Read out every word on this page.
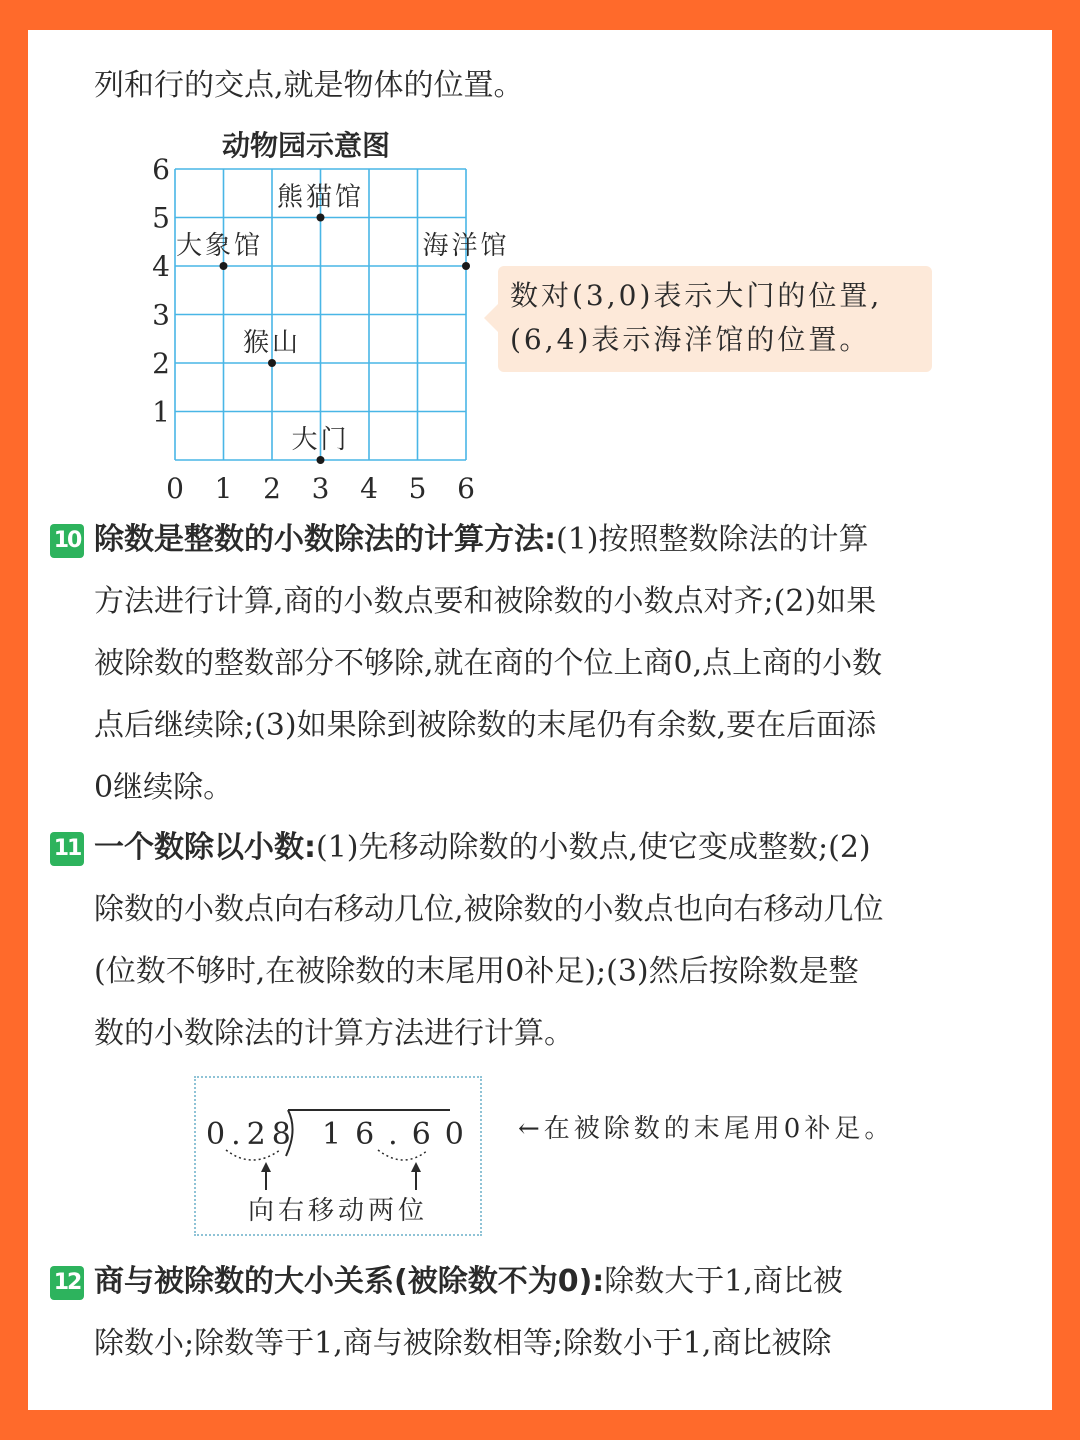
列和行的交点,就是物体的位置。
动物园示意图
0 1 2 3 4 5 6
1
2
3
4
5
6
熊猫馆
大象馆	海洋馆
猴山
大门
数对(3,0)表示大门的位置,
(6,4)表示海洋馆的位置。
10 除数是整数的小数除法的计算方法:(1)按照整数除法的计算
方法进行计算,商的小数点要和被除数的小数点对齐;(2)如果
被除数的整数部分不够除,就在商的个位上商0,点上商的小数
点后继续除;(3)如果除到被除数的末尾仍有余数,要在后面添
0继续除。
11 一个数除以小数:(1)先移动除数的小数点,使它变成整数;(2)
除数的小数点向右移动几位,被除数的小数点也向右移动几位
(位数不够时,在被除数的末尾用0补足);(3)然后按除数是整
数的小数除法的计算方法进行计算。
0.28 16.60
向右移动两位
←在被除数的末尾用0补足。
12 商与被除数的大小关系(被除数不为0):除数大于1,商比被
除数小;除数等于1,商与被除数相等;除数小于1,商比被除
